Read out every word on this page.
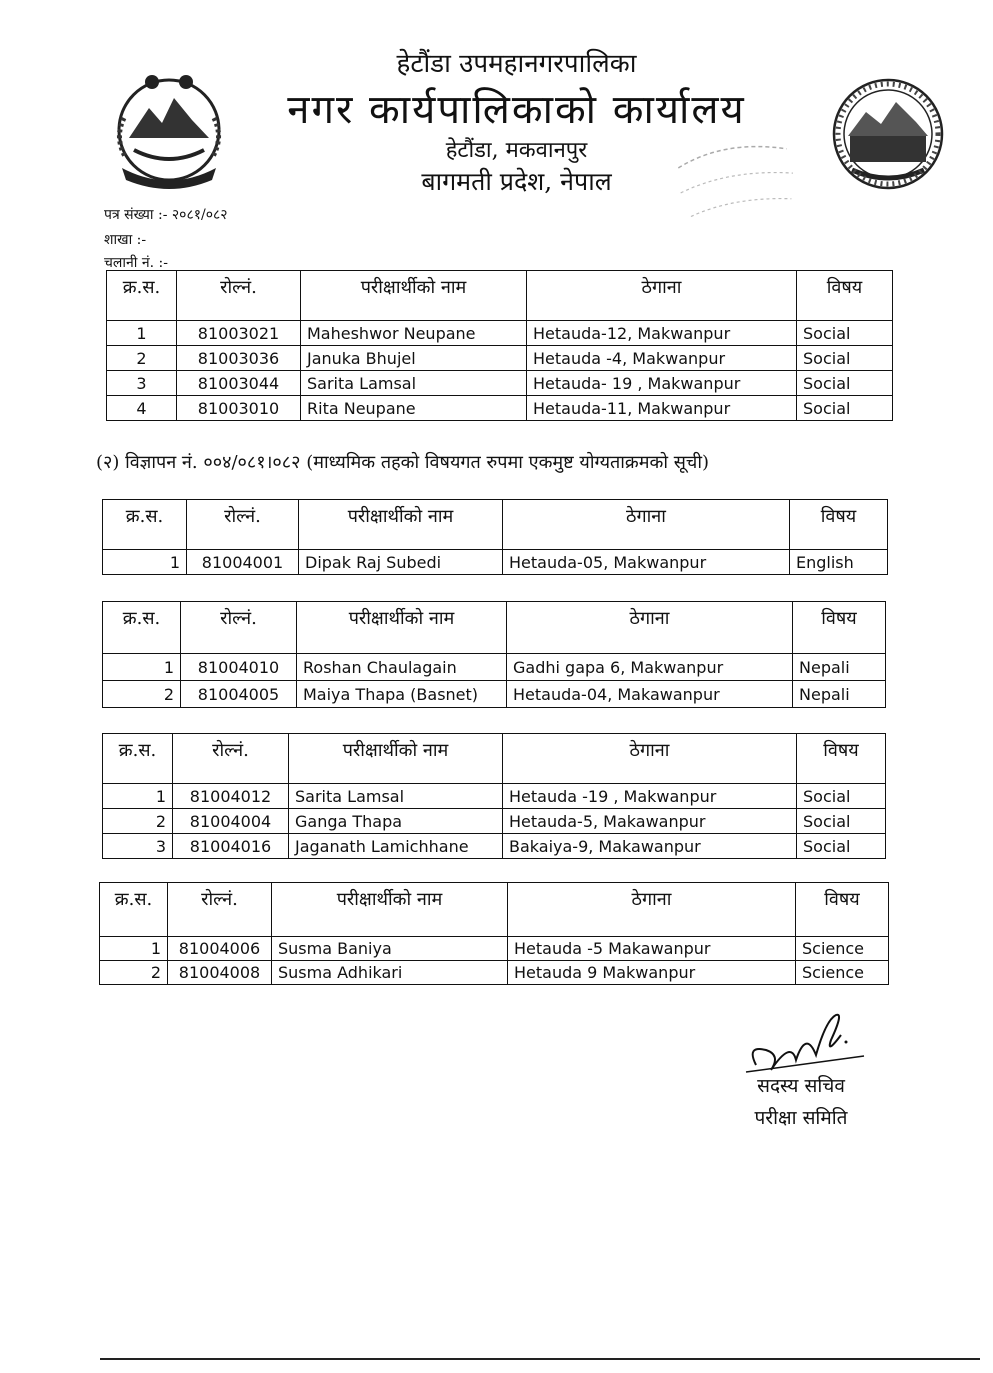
हेटौंडा उपमहानगरपालिका
नगर कार्यपालिकाको कार्यालय
हेटौंडा, मकवानपुर
बागमती प्रदेश, नेपाल
पत्र संख्या :- २०८१/०८२
शाखा :-
चलानी नं. :-
क्र.स.	रोल्नं.	परीक्षार्थीको नाम	ठेगाना	विषय
1	81003021	Maheshwor Neupane	Hetauda-12, Makwanpur	Social
2	81003036	Januka Bhujel	Hetauda -4, Makwanpur	Social
3	81003044	Sarita Lamsal	Hetauda- 19 , Makwanpur	Social
4	81003010	Rita Neupane	Hetauda-11, Makwanpur	Social
(२) विज्ञापन नं. ००४/०८१।०८२ (माध्यमिक तहको विषयगत रुपमा एकमुष्ट योग्यताक्रमको सूची)
क्र.स.	रोल्नं.	परीक्षार्थीको नाम	ठेगाना	विषय
1	81004001	Dipak Raj Subedi	Hetauda-05, Makwanpur	English
क्र.स.	रोल्नं.	परीक्षार्थीको नाम	ठेगाना	विषय
1	81004010	Roshan Chaulagain	Gadhi gapa 6, Makwanpur	Nepali
2	81004005	Maiya Thapa (Basnet)	Hetauda-04, Makawanpur	Nepali
क्र.स.	रोल्नं.	परीक्षार्थीको नाम	ठेगाना	विषय
1	81004012	Sarita Lamsal	Hetauda -19 , Makwanpur	Social
2	81004004	Ganga Thapa	Hetauda-5, Makawanpur	Social
3	81004016	Jaganath Lamichhane	Bakaiya-9, Makawanpur	Social
क्र.स.	रोल्नं.	परीक्षार्थीको नाम	ठेगाना	विषय
1	81004006	Susma Baniya	Hetauda -5 Makawanpur	Science
2	81004008	Susma Adhikari	Hetauda 9 Makwanpur	Science
सदस्य सचिव
परीक्षा समिति
